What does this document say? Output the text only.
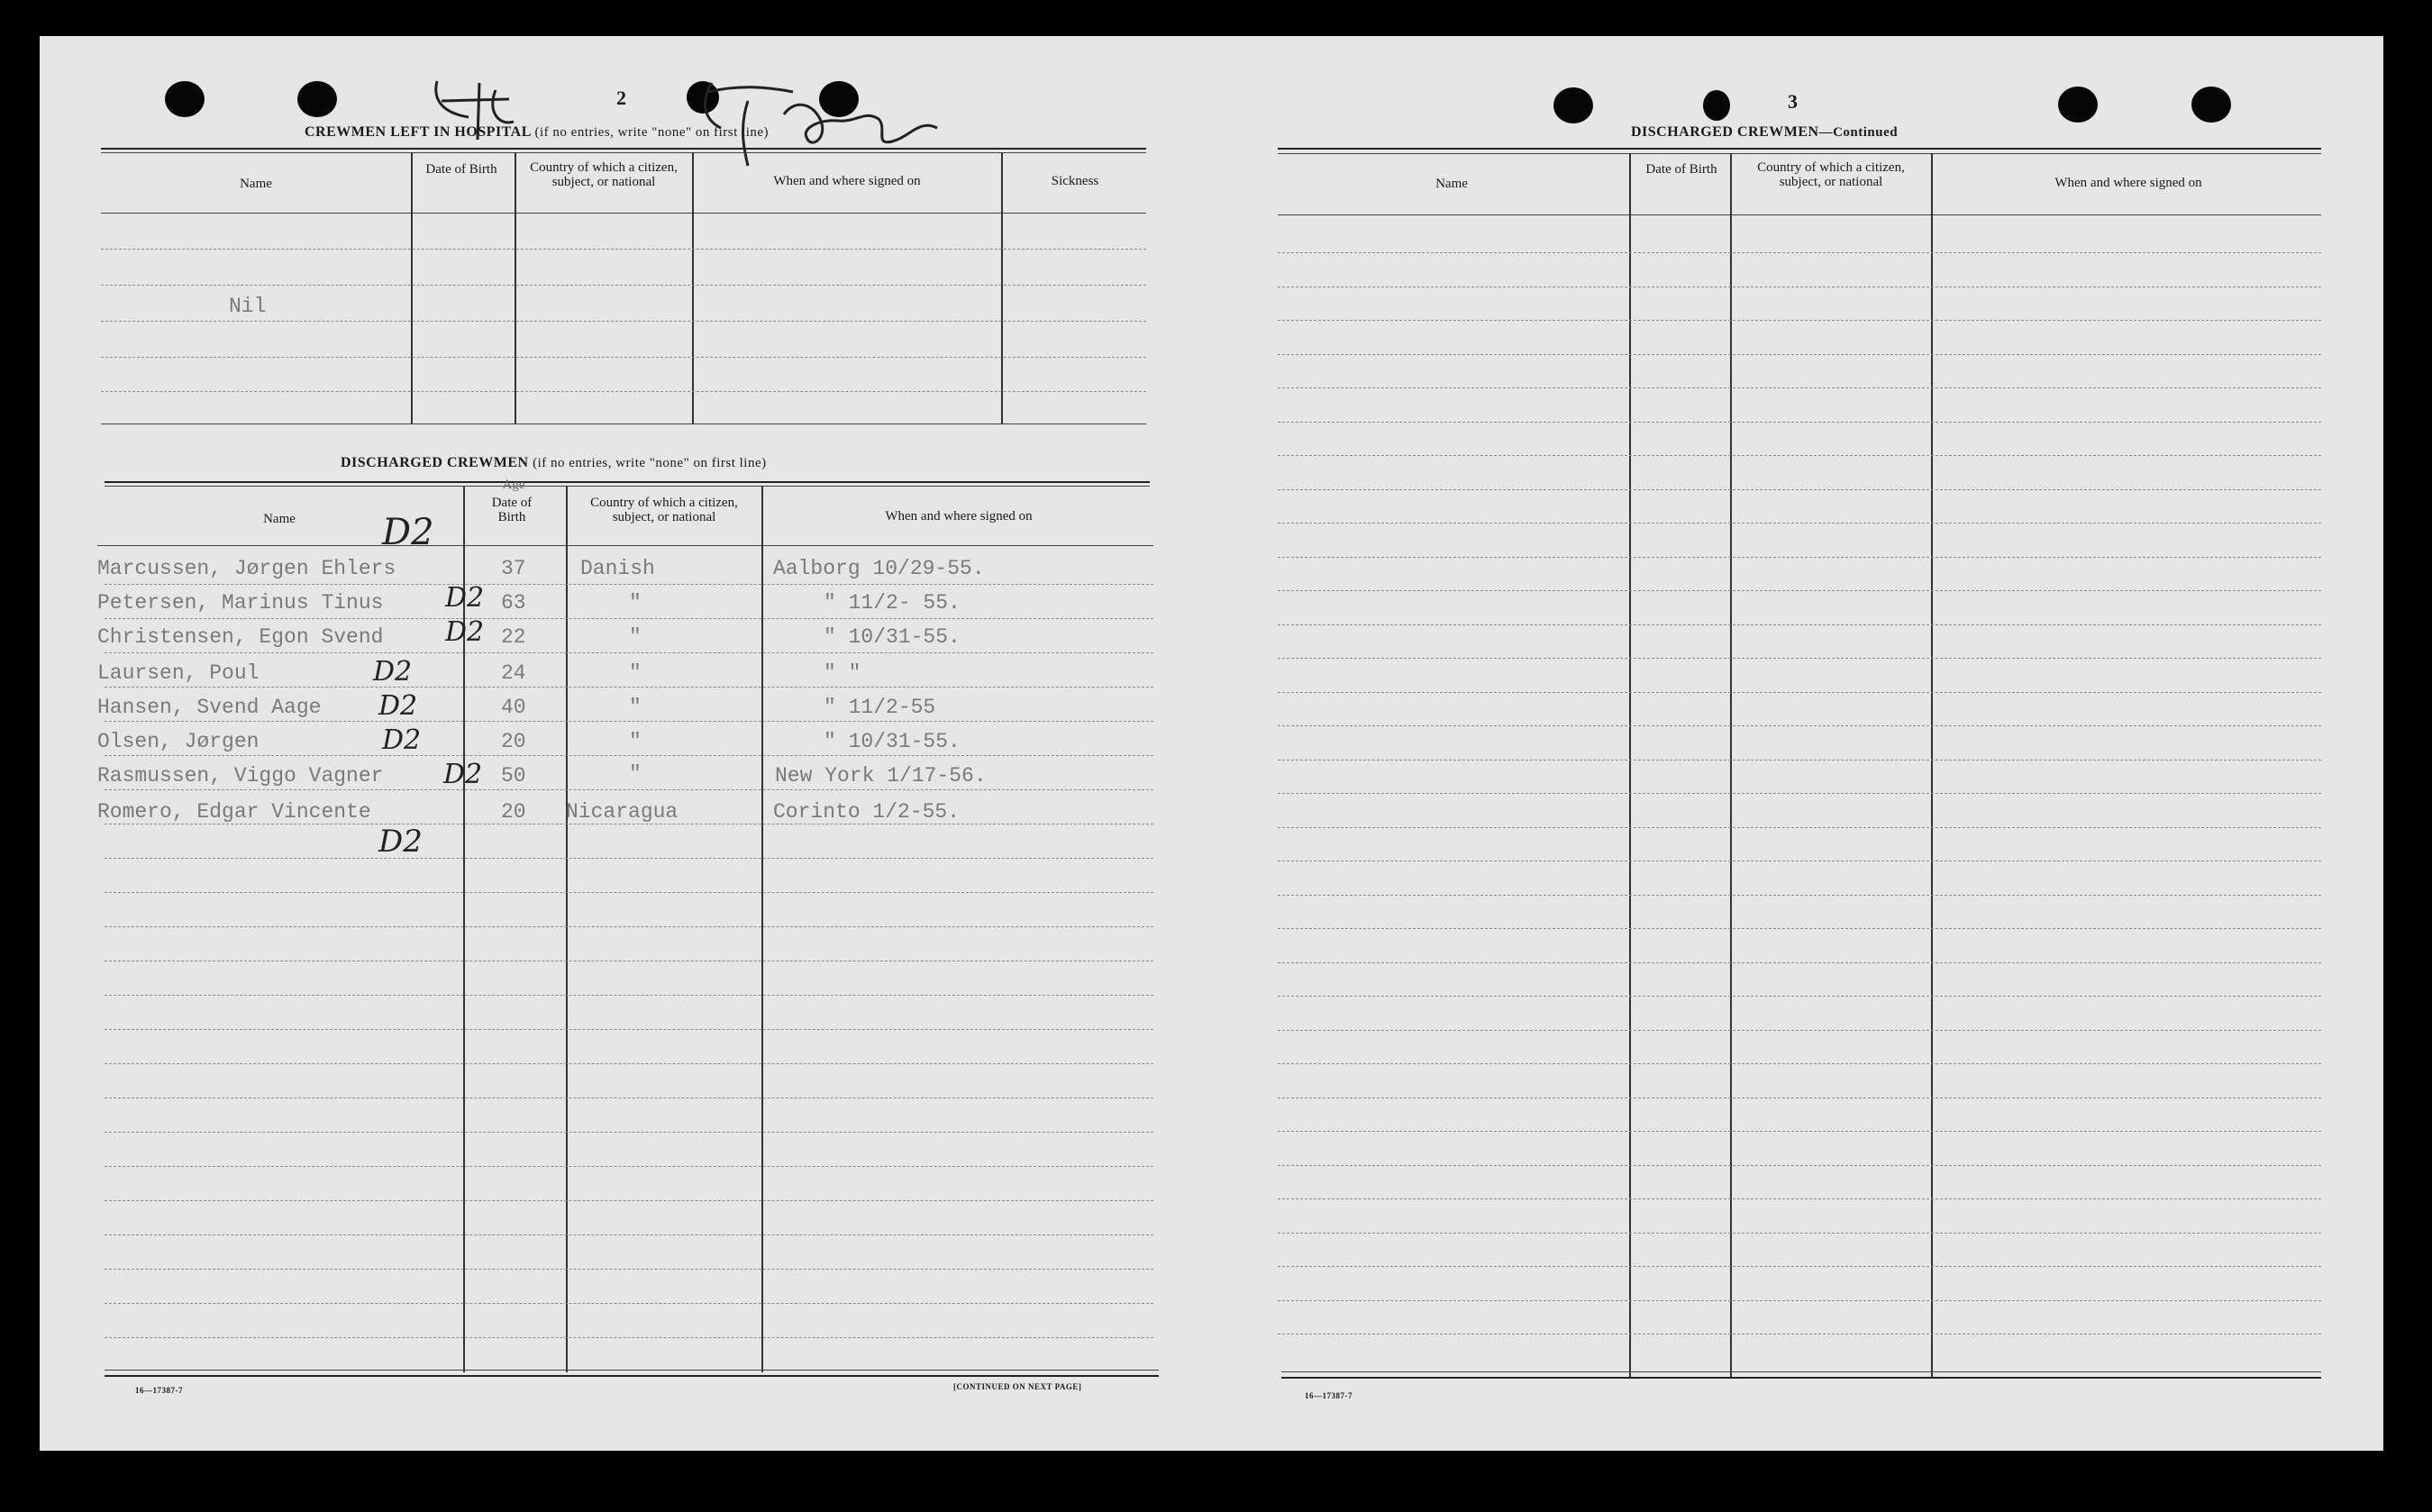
2
CREWMEN LEFT IN HOSPITAL (if no entries, write "none" on first line)
Aalborg
Name
Date of Birth	Country of which a citizen, subject, or national	When and where signed on	Sickness
Nil
DISCHARGED CREWMEN (if no entries, write "none" on first line)
Name
Age
Date of Birth
Country of which a citizen, subject, or national	When and where signed on
Marcussen, Jørgen Ehlers	37	Danish	Aalborg 10/29-55.
Petersen, Marinus Tinus	63	"	" 11/2- 55.
Christensen, Egon Svend	22	"	" 10/31-55.
Laursen, Poul	24	"	" "
Hansen, Svend Aage	40	"	" 11/2-55
Olsen, Jørgen	20	"	" 10/31-55.
Rasmussen, Viggo Vagner	50	"	New York 1/17-56.
Romero, Edgar Vincente	20 Nicaragua	Corinto 1/2-55.
D2
D2
D2
D2
D2
D2
D2
D2
16—17387-7	[CONTINUED ON NEXT PAGE]
3
DISCHARGED CREWMEN—Continued
Name
Date of Birth	Country of which a citizen, subject, or national	When and where signed on
16—17387-7
